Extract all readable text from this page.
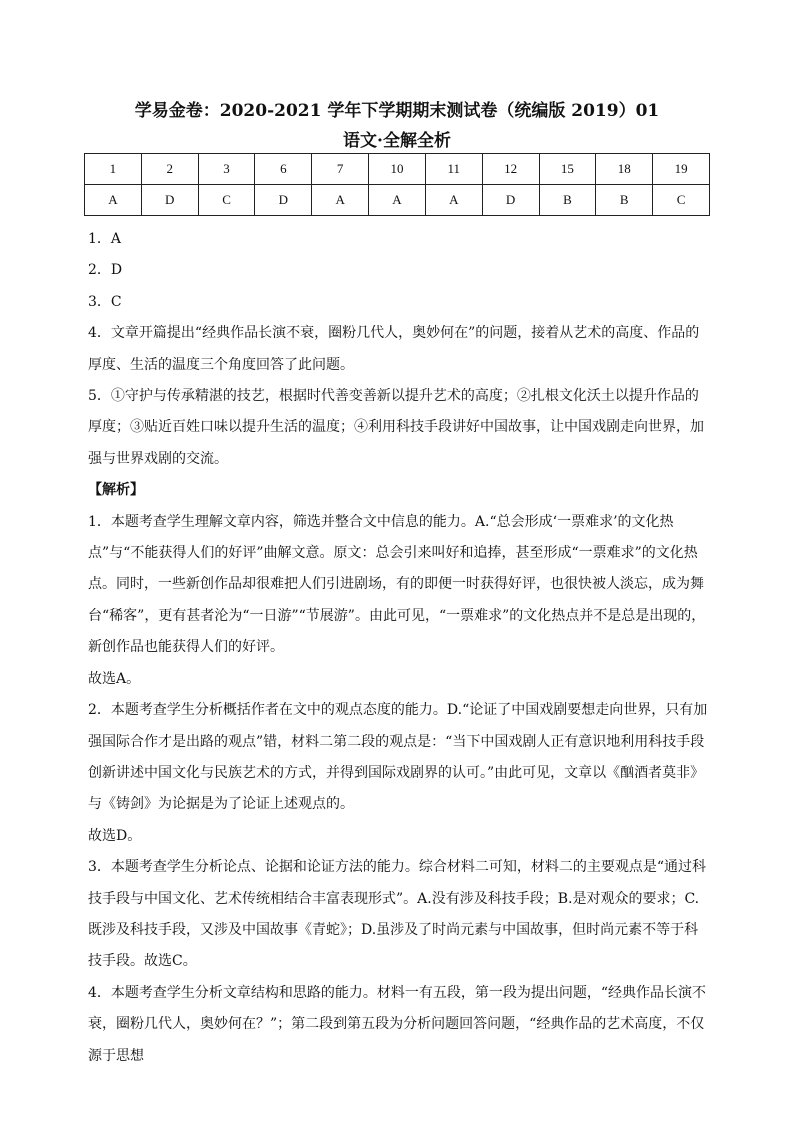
学易金卷：2020-2021 学年下学期期末测试卷（统编版 2019）01
语文·全解全析
1	2	3	6	7	10	11	12	15	18	19
A	D	C	D	A	A	A	D	B	B	C

1．A

2．D

3．C

4．文章开篇提出“经典作品长演不衰，圈粉几代人，奥妙何在”的问题，接着从艺术的高度、作品的厚度、生活的温度三个角度回答了此问题。

5．①守护与传承精湛的技艺，根据时代善变善新以提升艺术的高度；②扎根文化沃土以提升作品的厚度；③贴近百姓口味以提升生活的温度；④利用科技手段讲好中国故事，让中国戏剧走向世界，加强与世界戏剧的交流。

【解析】

1．本题考查学生理解文章内容，筛选并整合文中信息的能力。A.“总会形成‘一票难求’的文化热点”与“不能获得人们的好评”曲解文意。原文：总会引来叫好和追捧，甚至形成“一票难求”的文化热点。同时，一些新创作品却很难把人们引进剧场，有的即便一时获得好评，也很快被人淡忘，成为舞台“稀客”，更有甚者沦为“一日游”“节展游”。由此可见，“一票难求”的文化热点并不是总是出现的，新创作品也能获得人们的好评。

故选A。

2．本题考查学生分析概括作者在文中的观点态度的能力。D.“论证了中国戏剧要想走向世界，只有加强国际合作才是出路的观点”错，材料二第二段的观点是：“当下中国戏剧人正有意识地利用科技手段创新讲述中国文化与民族艺术的方式，并得到国际戏剧界的认可。”由此可见，文章以《酗酒者莫非》与《铸剑》为论据是为了论证上述观点的。

故选D。

3．本题考查学生分析论点、论据和论证方法的能力。综合材料二可知，材料二的主要观点是“通过科技手段与中国文化、艺术传统相结合丰富表现形式”。A.没有涉及科技手段；B.是对观众的要求；C.既涉及科技手段，又涉及中国故事《青蛇》；D.虽涉及了时尚元素与中国故事，但时尚元素不等于科技手段。故选C。

4．本题考查学生分析文章结构和思路的能力。材料一有五段，第一段为提出问题，“经典作品长演不衰，圈粉几代人，奥妙何在？”；第二段到第五段为分析问题回答问题，“经典作品的艺术高度，不仅源于思想
